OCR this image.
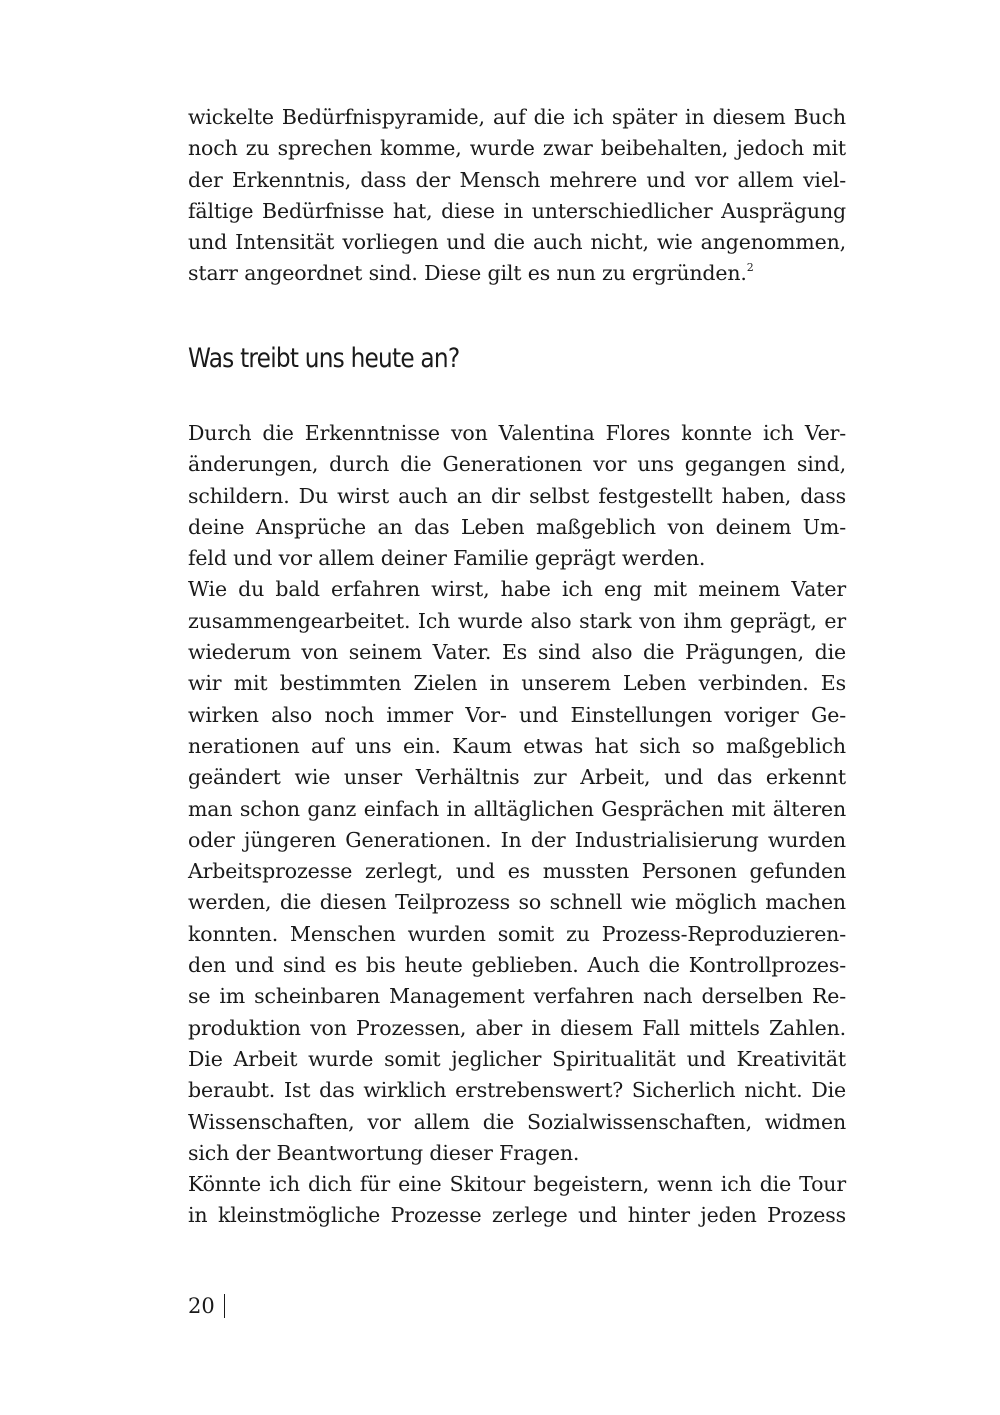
wickelte Bedürfnispyramide, auf die ich später in diesem Buch
noch zu sprechen komme, wurde zwar beibehalten, jedoch mit
der Erkenntnis, dass der Mensch mehrere und vor allem viel-
fältige Bedürfnisse hat, diese in unterschiedlicher Ausprägung
und Intensität vorliegen und die auch nicht, wie angenommen,
starr angeordnet sind. Diese gilt es nun zu ergründen.$^2$
Was treibt uns heute an?
Durch die Erkenntnisse von Valentina Flores konnte ich Ver-
änderungen, durch die Generationen vor uns gegangen sind,
schildern. Du wirst auch an dir selbst festgestellt haben, dass
deine Ansprüche an das Leben maßgeblich von deinem Um-
feld und vor allem deiner Familie geprägt werden.
Wie du bald erfahren wirst, habe ich eng mit meinem Vater
zusammengearbeitet. Ich wurde also stark von ihm geprägt, er
wiederum von seinem Vater. Es sind also die Prägungen, die
wir mit bestimmten Zielen in unserem Leben verbinden. Es
wirken also noch immer Vor- und Einstellungen voriger Ge-
nerationen auf uns ein. Kaum etwas hat sich so maßgeblich
geändert wie unser Verhältnis zur Arbeit, und das erkennt
man schon ganz einfach in alltäglichen Gesprächen mit älteren
oder jüngeren Generationen. In der Industrialisierung wurden
Arbeitsprozesse zerlegt, und es mussten Personen gefunden
werden, die diesen Teilprozess so schnell wie möglich machen
konnten. Menschen wurden somit zu Prozess-Reproduzieren-
den und sind es bis heute geblieben. Auch die Kontrollprozes-
se im scheinbaren Management verfahren nach derselben Re-
produktion von Prozessen, aber in diesem Fall mittels Zahlen.
Die Arbeit wurde somit jeglicher Spiritualität und Kreativität
beraubt. Ist das wirklich erstrebenswert? Sicherlich nicht. Die
Wissenschaften, vor allem die Sozialwissenschaften, widmen
sich der Beantwortung dieser Fragen.
Könnte ich dich für eine Skitour begeistern, wenn ich die Tour
in kleinstmögliche Prozesse zerlege und hinter jeden Prozess
20
